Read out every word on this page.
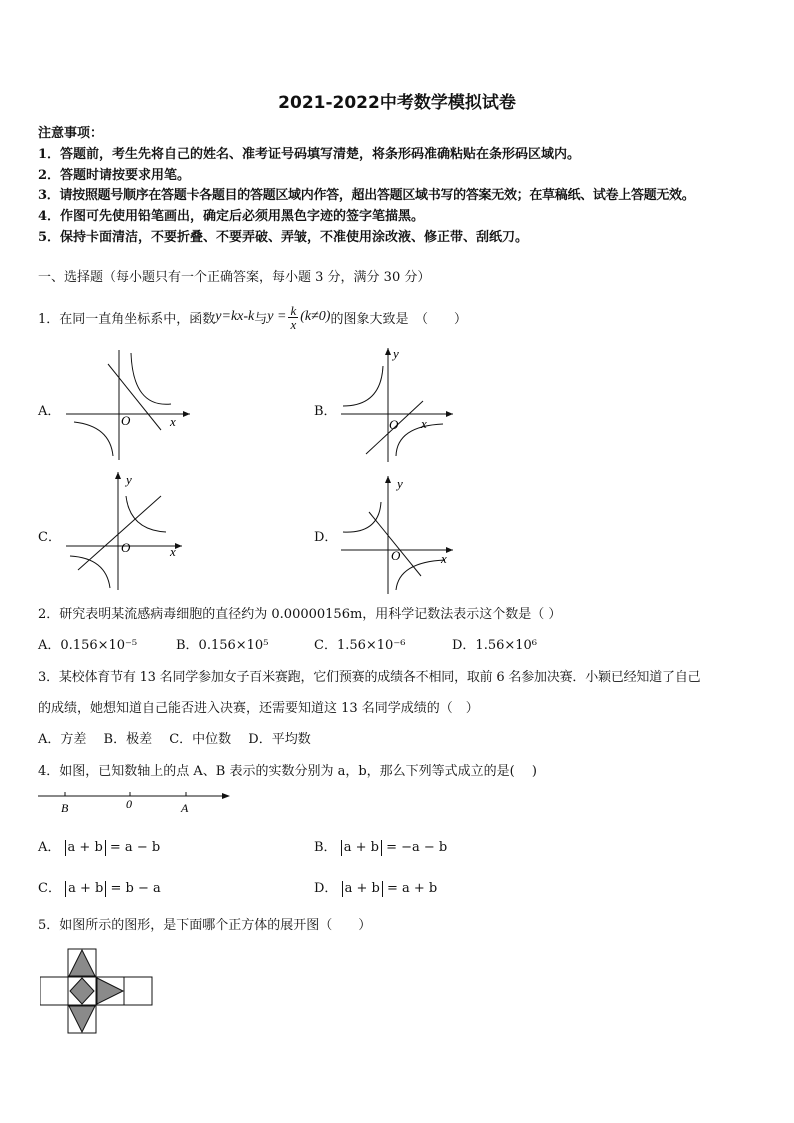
2021-2022中考数学模拟试卷
注意事项：
1．答题前，考生先将自己的姓名、准考证号码填写清楚，将条形码准确粘贴在条形码区域内。
2．答题时请按要求用笔。
3．请按照题号顺序在答题卡各题目的答题区域内作答，超出答题区域书写的答案无效；在草稿纸、试卷上答题无效。
4．作图可先使用铅笔画出，确定后必须用黑色字迹的签字笔描黑。
5．保持卡面清洁，不要折叠、不要弄破、弄皱，不准使用涂改液、修正带、刮纸刀。
一、选择题（每小题只有一个正确答案，每小题 3 分，满分 30 分）
1．在同一直角坐标系中，函数 y=kx-k 与 $y = \frac{k}{x} (k\ne 0)$ 的图象大致是　（　　）
A．
O	x
B．
y
O x
C．
y
O	x
D．
y
O	x
2．研究表明某流感病毒细胞的直径约为 0.00000156m，用科学记数法表示这个数是（ ）
A．0.156×10⁻⁵	B．0.156×10⁵	C．1.56×10⁻⁶	D．1.56×10⁶
3．某校体育节有 13 名同学参加女子百米赛跑，它们预赛的成绩各不相同，取前 6 名参加决赛．小颖已经知道了自己
的成绩，她想知道自己能否进入决赛，还需要知道这 13 名同学成绩的（　）
A．方差　 B．极差　 C．中位数　 D．平均数
4．如图，已知数轴上的点 A、B 表示的实数分别为 a，b，那么下列等式成立的是(　 )
B	0	A
A． a + b = a − b	B． a + b = −a − b
C． a + b = b − a	D． a + b = a + b
5．如图所示的图形，是下面哪个正方体的展开图（　　）
